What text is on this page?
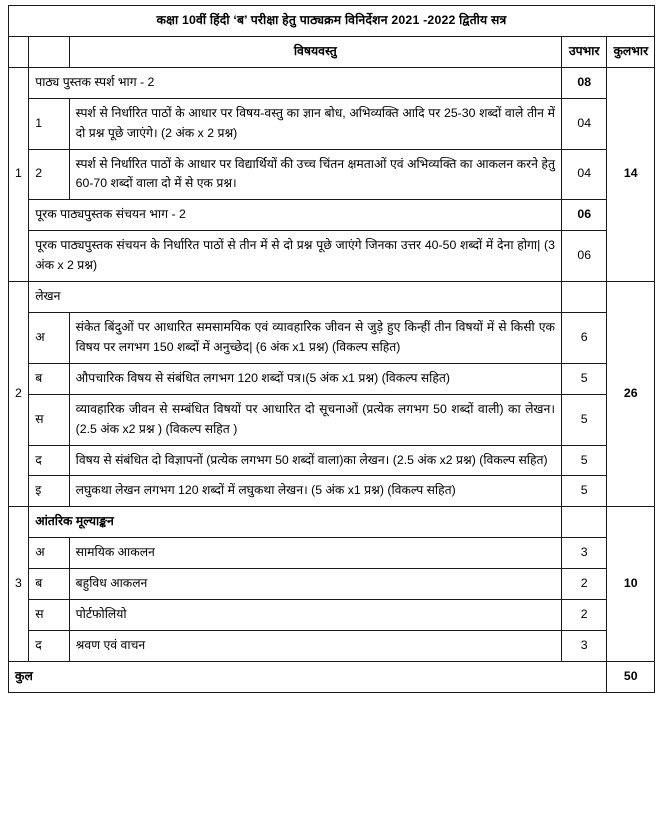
कक्षा 10वीं हिंदी ‘ब’ परीक्षा हेतु पाठ्यक्रम विनिर्देशन 2021 -2022 द्वितीय सत्र				
		विषयवस्तु	उपभार	कुलभार
1	पाठ्य पुस्तक स्पर्श भाग - 2		08	14
	1	स्पर्श से निर्धारित पाठों के आधार पर विषय-वस्तु का ज्ञान बोध, अभिव्यक्ति आदि पर 25-30 शब्दों वाले तीन में दो प्रश्न पूछे जाएंगे। (2 अंक x 2 प्रश्न)	04	
	2	स्पर्श से निर्धारित पाठों के आधार पर विद्यार्थियों की उच्च चिंतन क्षमताओं एवं अभिव्यक्ति का आकलन करने हेतु 60-70 शब्दों वाला दो में से एक प्रश्न।	04	
	पूरक पाठ्यपुस्तक संचयन भाग - 2		06	
	पूरक पाठ्यपुस्तक संचयन के निर्धारित पाठों से तीन में से दो प्रश्न पूछे जाएंगे जिनका उत्तर 40-50 शब्दों में देना होगा| (3 अंक x 2 प्रश्न)		06	
2	लेखन			26
	अ	संकेत बिंदुओं पर आधारित समसामयिक एवं व्यावहारिक जीवन से जुड़े हुए किन्हीं तीन विषयों में से किसी एक विषय पर लगभग 150 शब्दों में अनुच्छेद| (6 अंक x1 प्रश्न) (विकल्प सहित)	6	
	ब	औपचारिक विषय से संबंधित लगभग 120 शब्दों पत्र।(5 अंक x1 प्रश्न) (विकल्प सहित)	5	
	स	व्यावहारिक जीवन से सम्बंधित विषयों पर आधारित दो सूचनाओं (प्रत्येक लगभग 50 शब्दों वाली) का लेखन। (2.5 अंक x2 प्रश्न ) (विकल्प सहित )	5	
	द	विषय से संबंधित दो विज्ञापनों (प्रत्येक लगभग 50 शब्दों वाला)का लेखन। (2.5 अंक x2 प्रश्न) (विकल्प सहित)	5	
	इ	लघुकथा लेखन लगभग 120 शब्दों में लघुकथा लेखन। (5 अंक x1 प्रश्न) (विकल्प सहित)	5	
3	आंतरिक मूल्याङ्कन			10
	अ	सामयिक आकलन	3	
	ब	बहुविध आकलन	2	
	स	पोर्टफोलियो	2	
	द	श्रवण एवं वाचन	3	
कुल				50
